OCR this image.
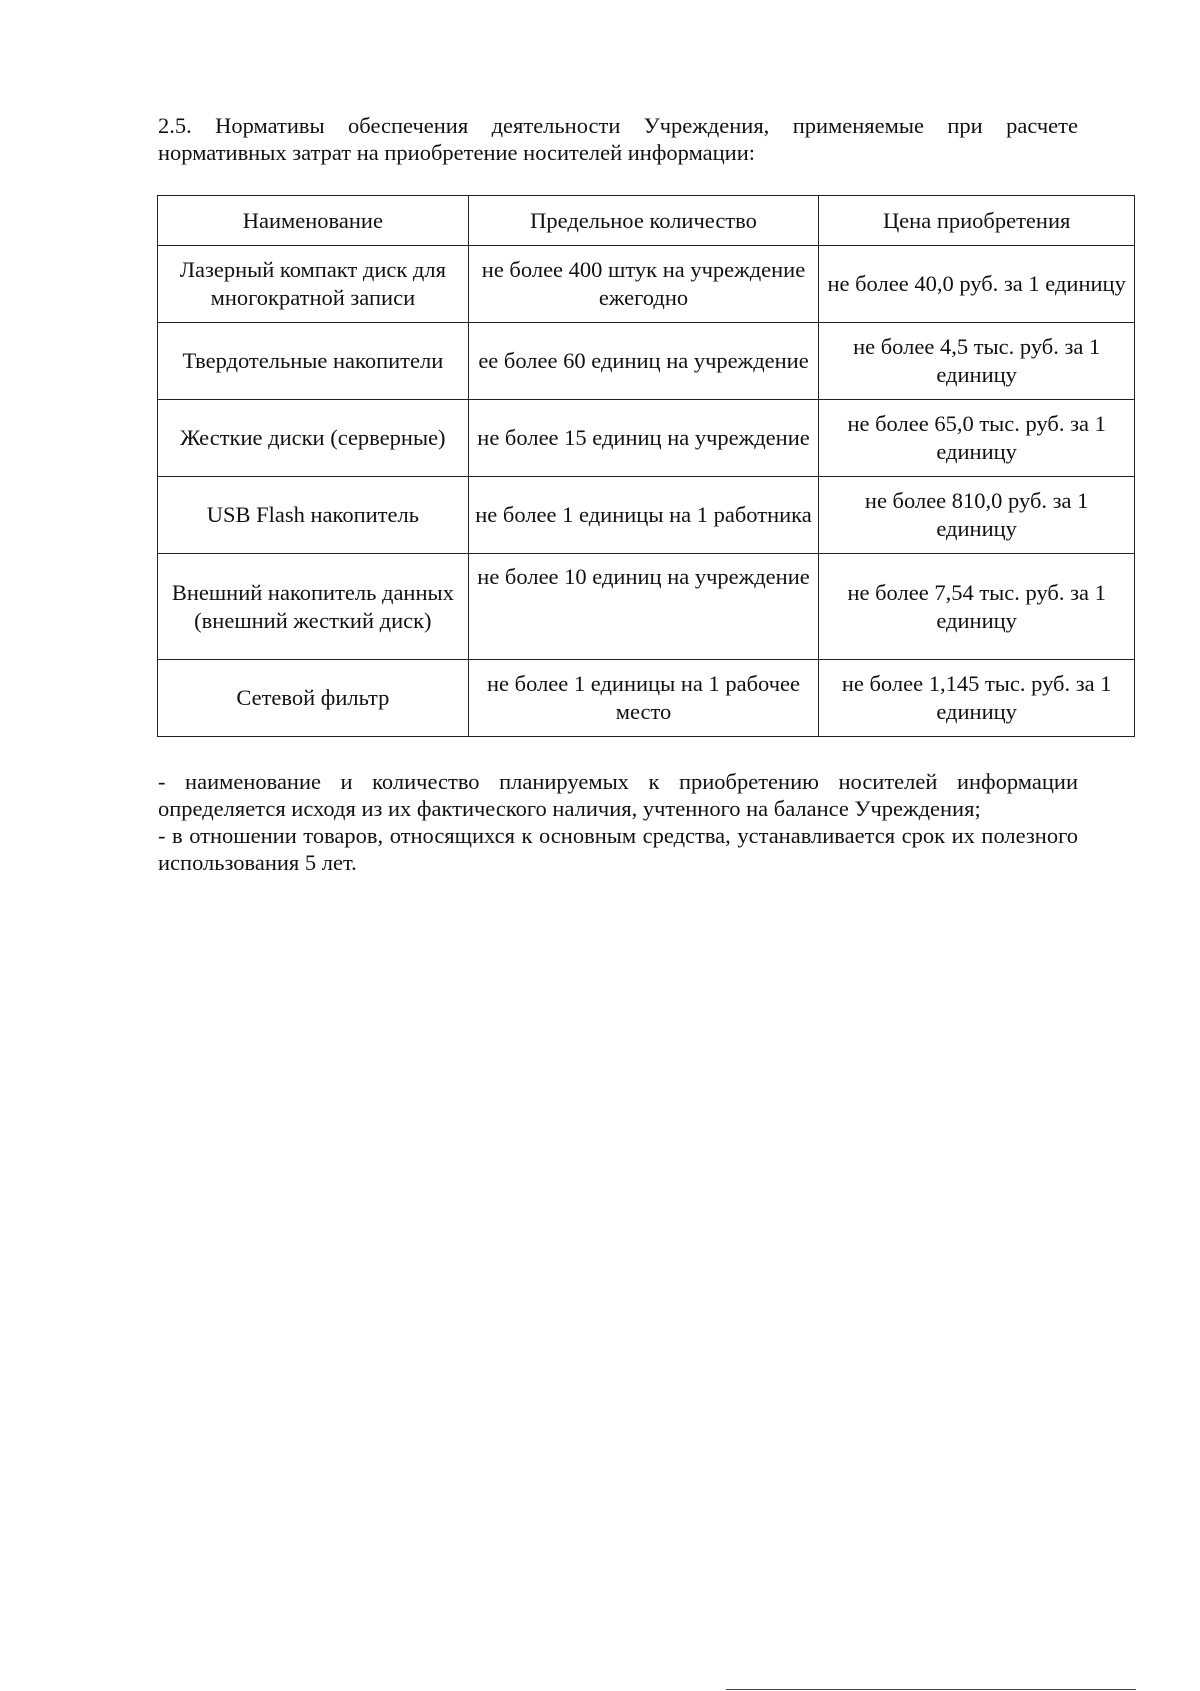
2.5. Нормативы обеспечения деятельности Учреждения, применяемые при расчете нормативных затрат на приобретение носителей информации:

Наименование	Предельное количество	Цена приобретения
Лазерный компакт диск для многократной записи	не более 400 штук на учреждение ежегодно	не более 40,0 руб. за 1 единицу
Твердотельные накопители	ее более 60 единиц на учреждение	не более 4,5 тыс. руб. за 1 единицу
Жесткие диски (серверные)	не более 15 единиц на учреждение	не более 65,0 тыс. руб. за 1 единицу
USB Flash накопитель	не более 1 единицы на 1 работника	не более 810,0 руб. за 1 единицу
Внешний накопитель данных (внешний жесткий диск)	не более 10 единиц на учреждение	не более 7,54 тыс. руб. за 1 единицу
Сетевой фильтр	не более 1 единицы на 1 рабочее место	не более 1,145 тыс. руб. за 1 единицу

- наименование и количество планируемых к приобретению носителей информации определяется исходя из их фактического наличия, учтенного на балансе Учреждения;

- в отношении товаров, относящихся к основным средства, устанавливается срок их полезного использования 5 лет.
